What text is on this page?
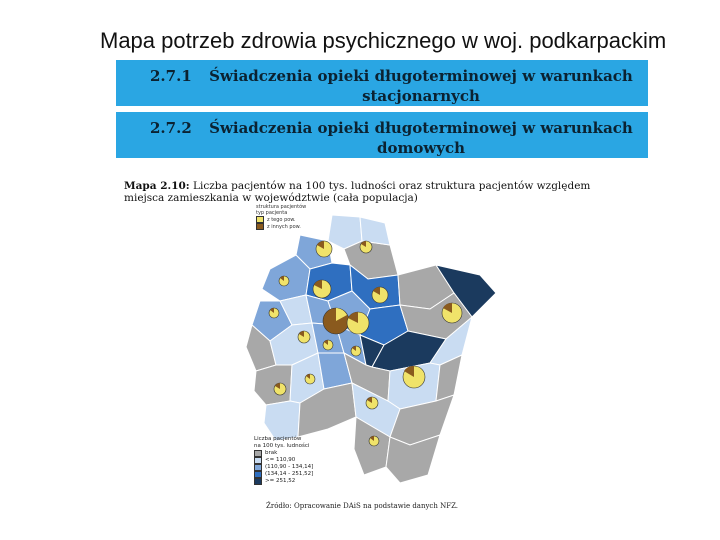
Mapa potrzeb zdrowia psychicznego w woj. podkarpackim
2.7.1 Świadczenia opieki długoterminowej w warunkach
stacjonarnych
2.7.2 Świadczenia opieki długoterminowej w warunkach
domowych
Mapa 2.10: Liczba pacjentów na 100 tys. ludności oraz struktura pacjentów względem miejsca zamieszkania w województwie (cała populacja)
struktura pacjentów
typ pacjenta
z tego pow.
z innych pow.
Liczba pacjentów
na 100 tys. ludności
brak
<= 110,90
(110,90 - 134,14]
(134,14 - 251,52]
>= 251,52
Źródło: Opracowanie DAiS na podstawie danych NFZ.
